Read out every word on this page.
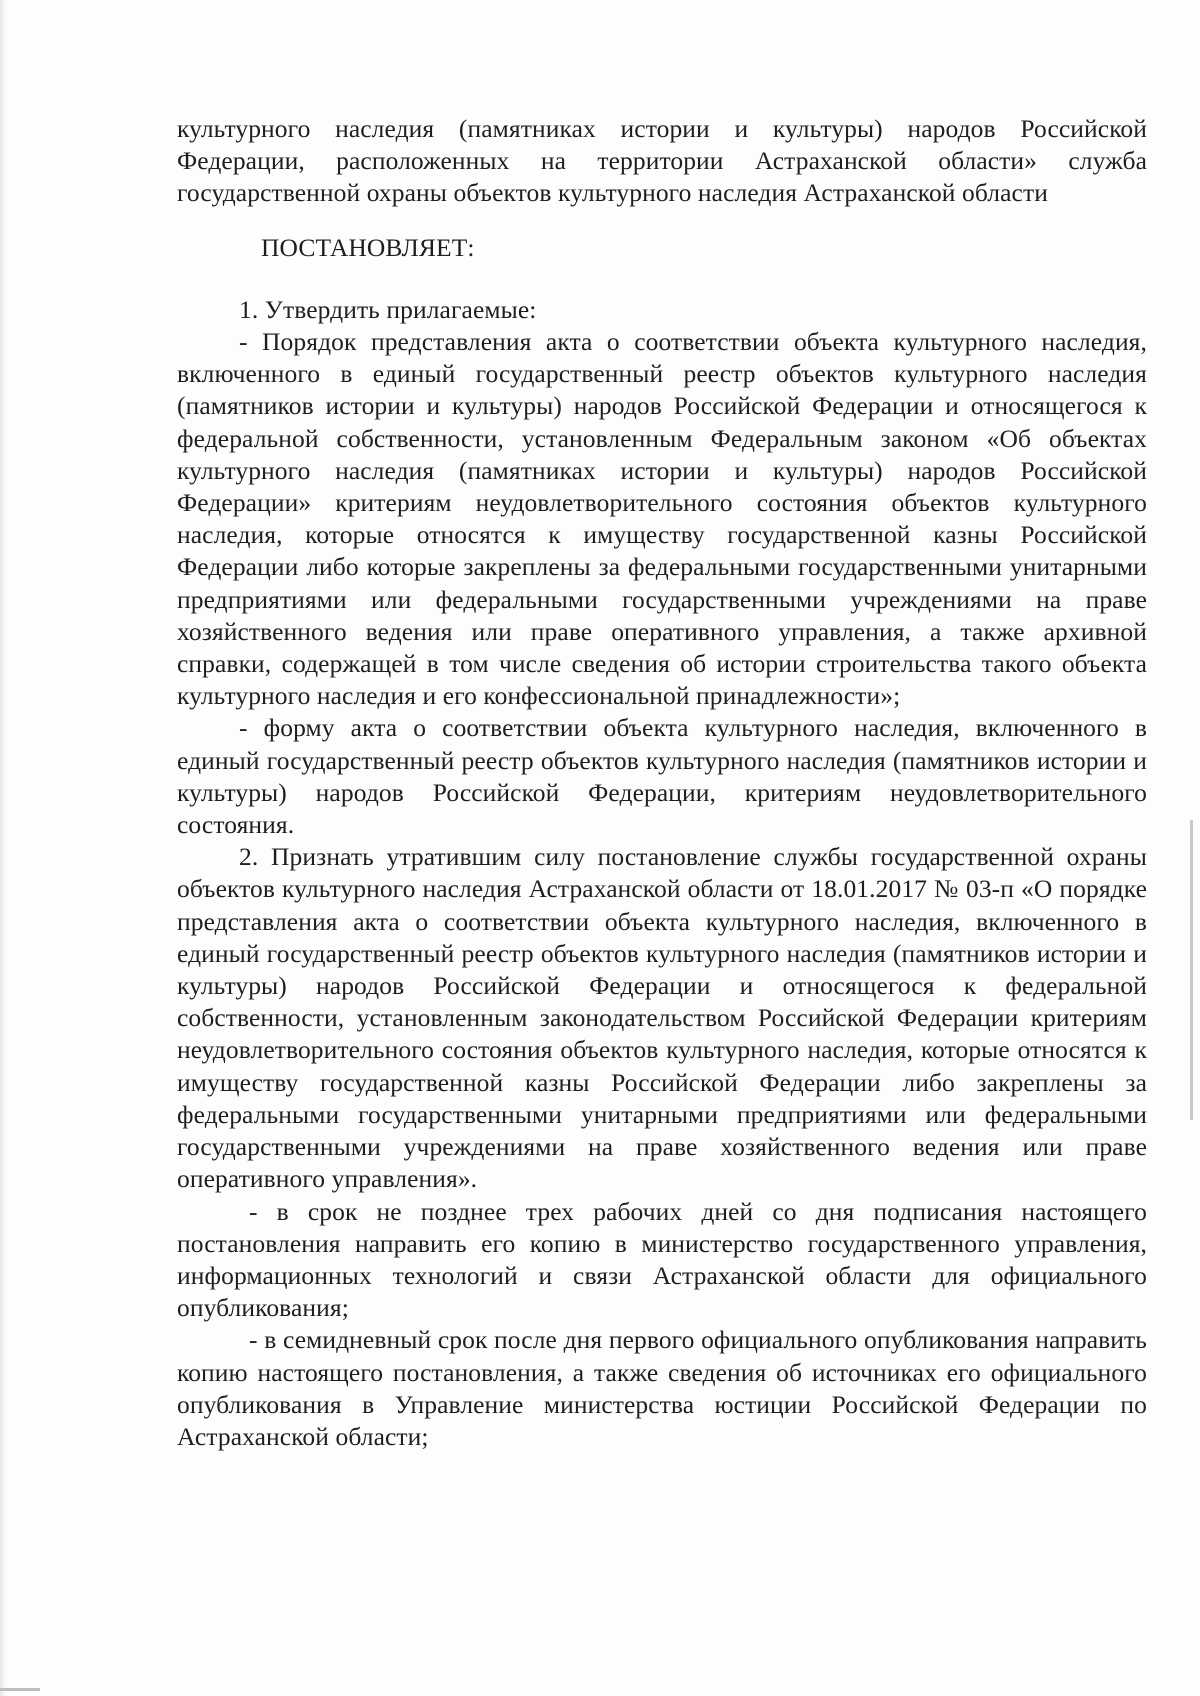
культурного наследия (памятниках истории и культуры) народов Российской Федерации, расположенных на территории Астраханской области» служба государственной охраны объектов культурного наследия Астраханской области

ПОСТАНОВЛЯЕТ:

1. Утвердить прилагаемые:

- Порядок представления акта о соответствии объекта культурного наследия, включенного в единый государственный реестр объектов культурного наследия (памятников истории и культуры) народов Российской Федерации и относящегося к федеральной собственности, установленным Федеральным законом «Об объектах культурного наследия (памятниках истории и культуры) народов Российской Федерации» критериям неудовлетворительного состояния объектов культурного наследия, которые относятся к имуществу государственной казны Российской Федерации либо которые закреплены за федеральными государственными унитарными предприятиями или федеральными государственными учреждениями на праве хозяйственного ведения или праве оперативного управления, а также архивной справки, содержащей в том числе сведения об истории строительства такого объекта культурного наследия и его конфессиональной принадлежности»;

- форму акта о соответствии объекта культурного наследия, включенного в единый государственный реестр объектов культурного наследия (памятников истории и культуры) народов Российской Федерации, критериям неудовлетворительного состояния.

2. Признать утратившим силу постановление службы государственной охраны объектов культурного наследия Астраханской области от 18.01.2017 № 03-п «О порядке представления акта о соответствии объекта культурного наследия, включенного в единый государственный реестр объектов культурного наследия (памятников истории и культуры) народов Российской Федерации и относящегося к федеральной собственности, установленным законодательством Российской Федерации критериям неудовлетворительного состояния объектов культурного наследия, которые относятся к имуществу государственной казны Российской Федерации либо закреплены за федеральными государственными унитарными предприятиями или федеральными государственными учреждениями на праве хозяйственного ведения или праве оперативного управления».

- в срок не позднее трех рабочих дней со дня подписания настоящего постановления направить его копию в министерство государственного управления, информационных технологий и связи Астраханской области для официального опубликования;

- в семидневный срок после дня первого официального опубликования направить копию настоящего постановления, а также сведения об источниках его официального опубликования в Управление министерства юстиции Российской Федерации по Астраханской области;
